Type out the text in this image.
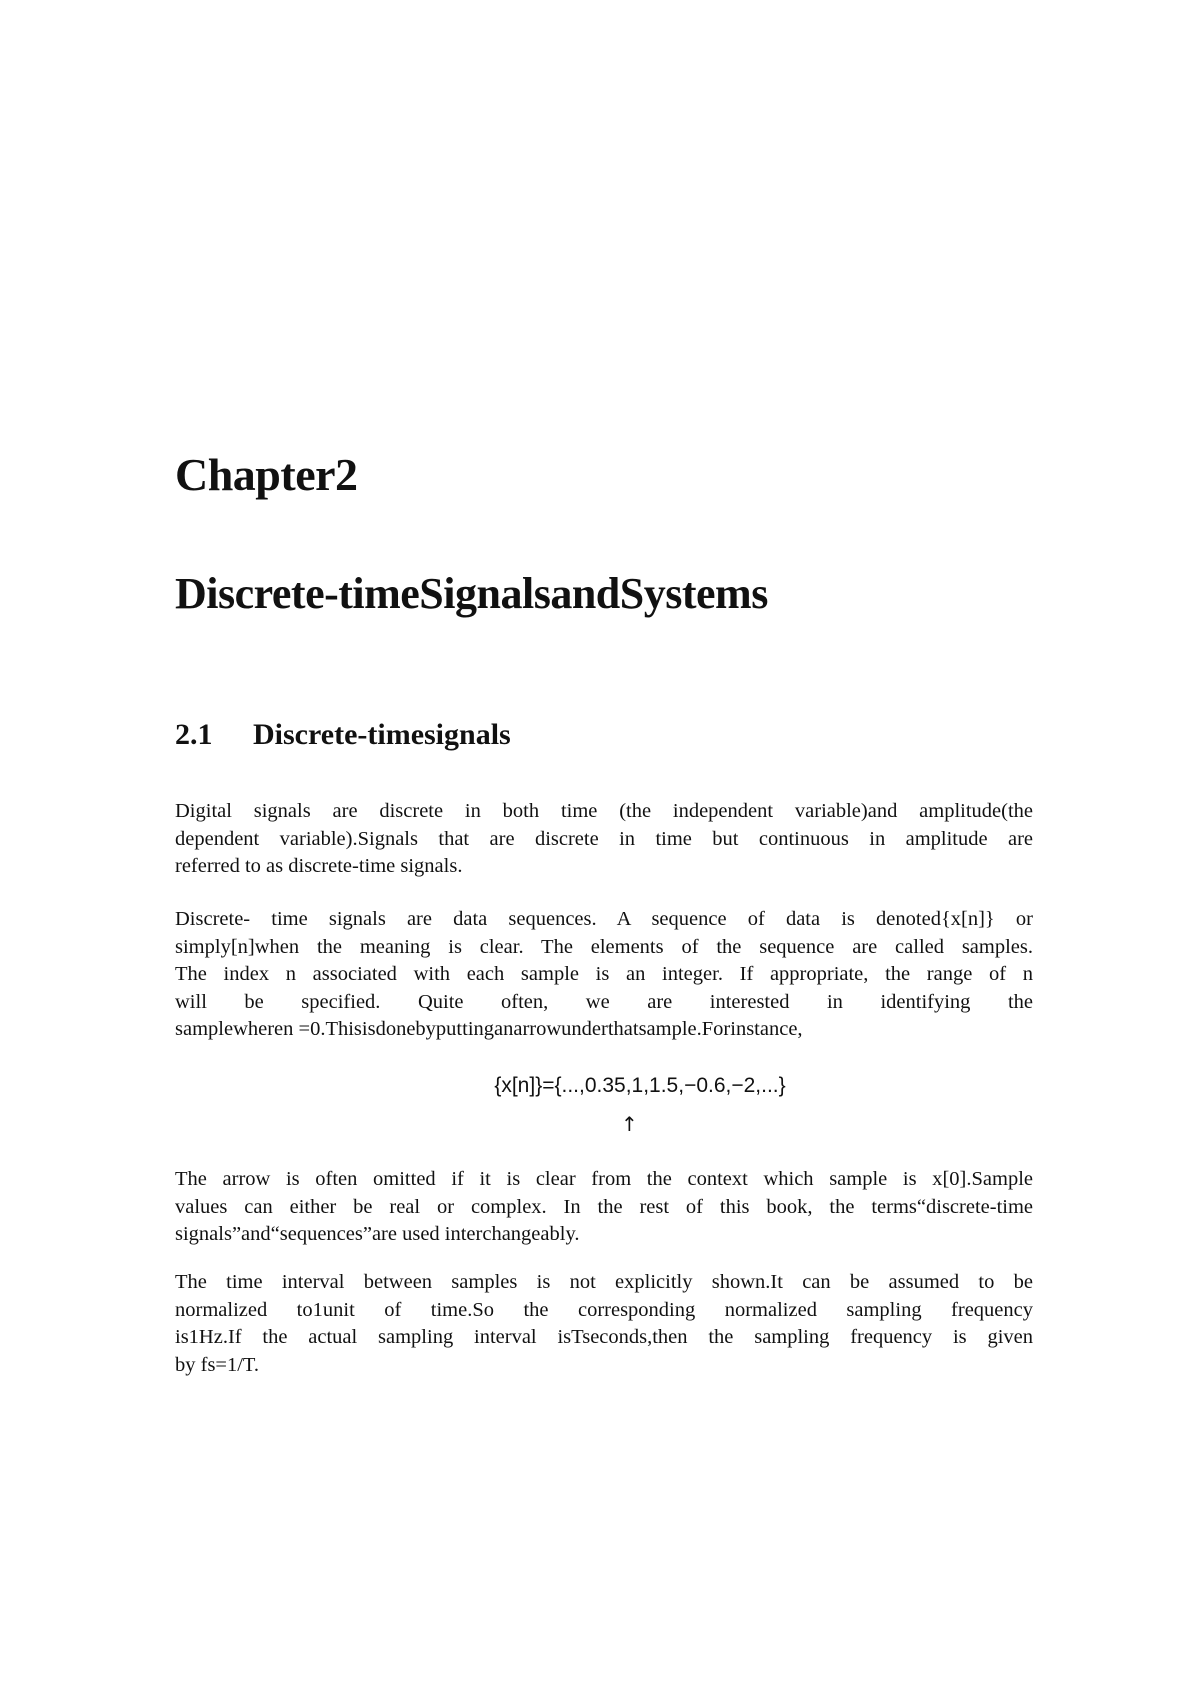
Chapter2
Discrete-timeSignalsandSystems
2.1 Discrete-timesignals
Digital signals are discrete in both time (the independent variable)and amplitude(the
dependent variable).Signals that are discrete in time but continuous in amplitude are
referred to as discrete-time signals.
Discrete- time signals are data sequences. A sequence of data is denoted{x[n]} or
simply[n]when the meaning is clear. The elements of the sequence are called samples.
The index n associated with each sample is an integer. If appropriate, the range of n
will be specified. Quite often, we are interested in identifying the
samplewheren =0.Thisisdonebyputtinganarrowunderthatsample.Forinstance,
{x[n]}={...,0.35,1,1.5,−0.6,−2,...}
↑
The arrow is often omitted if it is clear from the context which sample is x[0].Sample
values can either be real or complex. In the rest of this book, the terms“discrete-time
signals”and“sequences”are used interchangeably.
The time interval between samples is not explicitly shown.It can be assumed to be
normalized to1unit of time.So the corresponding normalized sampling frequency
is1Hz.If the actual sampling interval isTseconds,then the sampling frequency is given
by fs=1/T.
